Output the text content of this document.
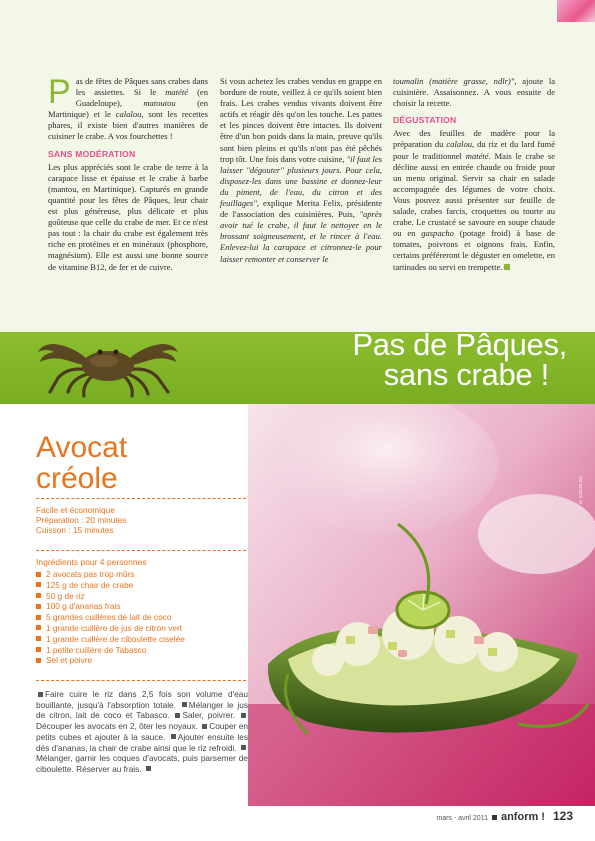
Pas de fêtes de Pâques sans crabes dans les assiettes. Si le matété (en Guadeloupe), matoutou (en Martinique) et le calalou, sont les recettes phares, il existe bien d'autres manières de cuisiner le crabe. A vos fourchettes !

SANS MODÉRATION

Les plus appréciés sont le crabe de terre à la carapace lisse et épaisse et le crabe à barbe (mantou, en Martinique). Capturés en grande quantité pour les fêtes de Pâques, leur chair est plus généreuse, plus délicate et plus goûteuse que celle du crabe de mer. Et ce n'est pas tout : la chair du crabe est également très riche en protéines et en minéraux (phosphore, magnésium). Elle est aussi une bonne source de vitamine B12, de fer et de cuivre.

Si vous achetez les crabes vendus en grappe en bordure de route, veillez à ce qu'ils soient bien frais. Les crabes vendus vivants doivent être actifs et réagir dès qu'on les touche. Les pattes et les pinces doivent être intactes. Ils doivent être d'un bon poids dans la main, preuve qu'ils sont bien pleins et qu'ils n'ont pas été pêchés trop tôt. Une fois dans votre cuisine, "il faut les laisser "dégouter" plusieurs jours. Pour cela, disposez-les dans une bassine et donnez-leur du piment, de l'eau, du citron et des feuillages", explique Merita Felix, présidente de l'association des cuisinières. Puis, "après avoir tué le crabe, il faut le nettoyer en le brossant soigneusement, et le rincer à l'eau. Enlevez-lui la carapace et citronnez-le pour laisser remonter et conserver le

toumalin (matière grasse, ndlr)", ajoute la cuisinière. Assaisonnez. A vous ensuite de choisir la recette.

DÉGUSTATION

Avec des feuilles de madère pour la préparation du calalou, du riz et du lard fumé pour le traditionnel matété. Mais le crabe se décline aussi en entrée chaude ou froide pour un menu original. Servir sa chair en salade accompagnée des légumes de votre choix. Vous pouvez aussi présenter sur feuille de salade, crabes farcis, croquettes ou tourte au crabe. Le crustacé se savoure en soupe chaude ou en gaspacho (potage froid) à base de tomates, poivrons et oignons frais. Enfin, certains préféreront le déguster en omelette, en tartinades ou servi en trempette.

Pas de Pâques,
sans crabe !
Avocat
créole
Facile et économique
Préparation : 20 minutes
Cuisson : 15 minutes
Ingrédients pour 4 personnes
2 avocats pas trop mûrs
125 g de chair de crabe
50 g de riz
100 g d'ananas frais
5 grandes cuillères de lait de coco
1 grande cuillère de jus de citron vert
1 grande cuillère de ciboulette ciselée
1 petite cuillère de Tabasco
Sel et poivre
Faire cuire le riz dans 2,5 fois son volume d'eau bouillante, jusqu'à l'absorption totale. Mélanger le jus de citron, lait de coco et Tabasco. Saler, poivrer. Découper les avocats en 2, ôter les noyaux. Couper en petits cubes et ajouter à la sauce. Ajouter ensuite les dés d'ananas, la chair de crabe ainsi que le riz refroidi. Mélanger, garnir les coques d'avocats, puis parsemer de ciboulette. Réserver au frais.
© COCOLAU
mars - avril 2011 anform ! 123
